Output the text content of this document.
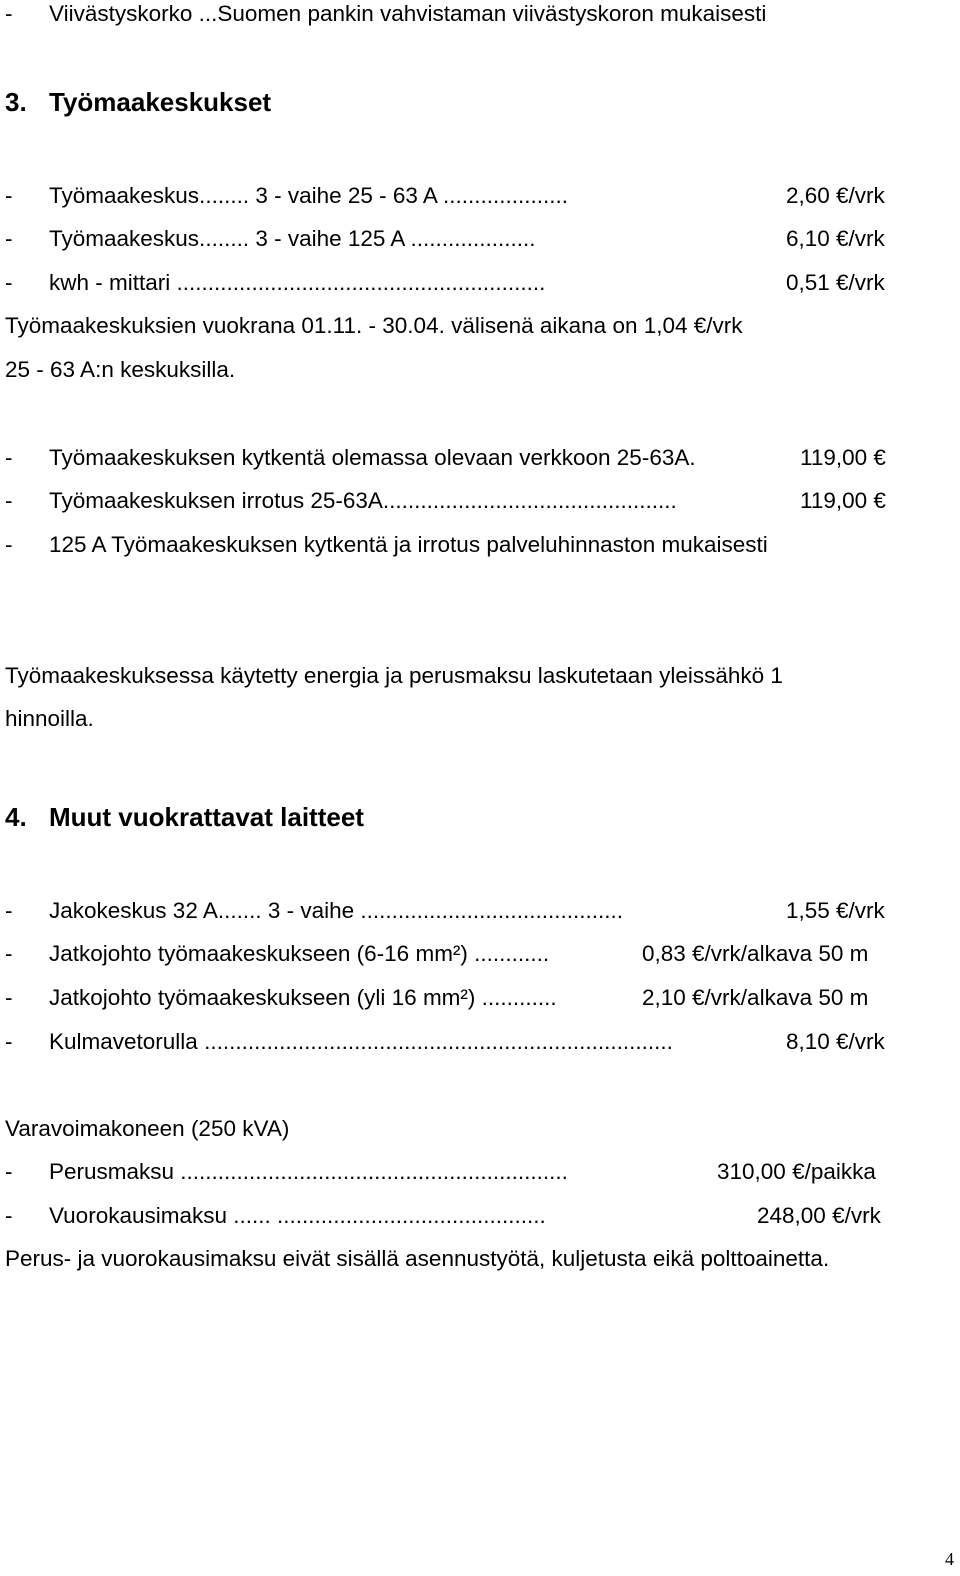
- Viivästyskorko ...Suomen pankin vahvistaman viivästyskoron mukaisesti
3. Työmaakeskukset
- Työmaakeskus........ 3 - vaihe 25 - 63 A ....................	2,60 €/vrk
- Työmaakeskus........ 3 - vaihe 125 A ....................	6,10 €/vrk
- kwh - mittari ...........................................................	0,51 €/vrk
Työmaakeskuksien vuokrana 01.11. - 30.04. välisenä aikana on 1,04 €/vrk
25 - 63 A:n keskuksilla.
- Työmaakeskuksen kytkentä olemassa olevaan verkkoon 25-63A.	119,00 €
- Työmaakeskuksen irrotus 25-63A...............................................	119,00 €
- 125 A Työmaakeskuksen kytkentä ja irrotus palveluhinnaston mukaisesti
Työmaakeskuksessa käytetty energia ja perusmaksu laskutetaan yleissähkö 1
hinnoilla.
4. Muut vuokrattavat laitteet
- Jakokeskus 32 A....... 3 - vaihe ..........................................	1,55 €/vrk
- Jatkojohto työmaakeskukseen (6-16 mm²) ............	0,83 €/vrk/alkava 50 m
- Jatkojohto työmaakeskukseen (yli 16 mm²) ............	2,10 €/vrk/alkava 50 m
- Kulmavetorulla ...........................................................................	8,10 €/vrk
Varavoimakoneen (250 kVA)
- Perusmaksu ..............................................................	310,00 €/paikka
- Vuorokausimaksu ...... ...........................................	248,00 €/vrk
Perus- ja vuorokausimaksu eivät sisällä asennustyötä, kuljetusta eikä polttoainetta.
4
